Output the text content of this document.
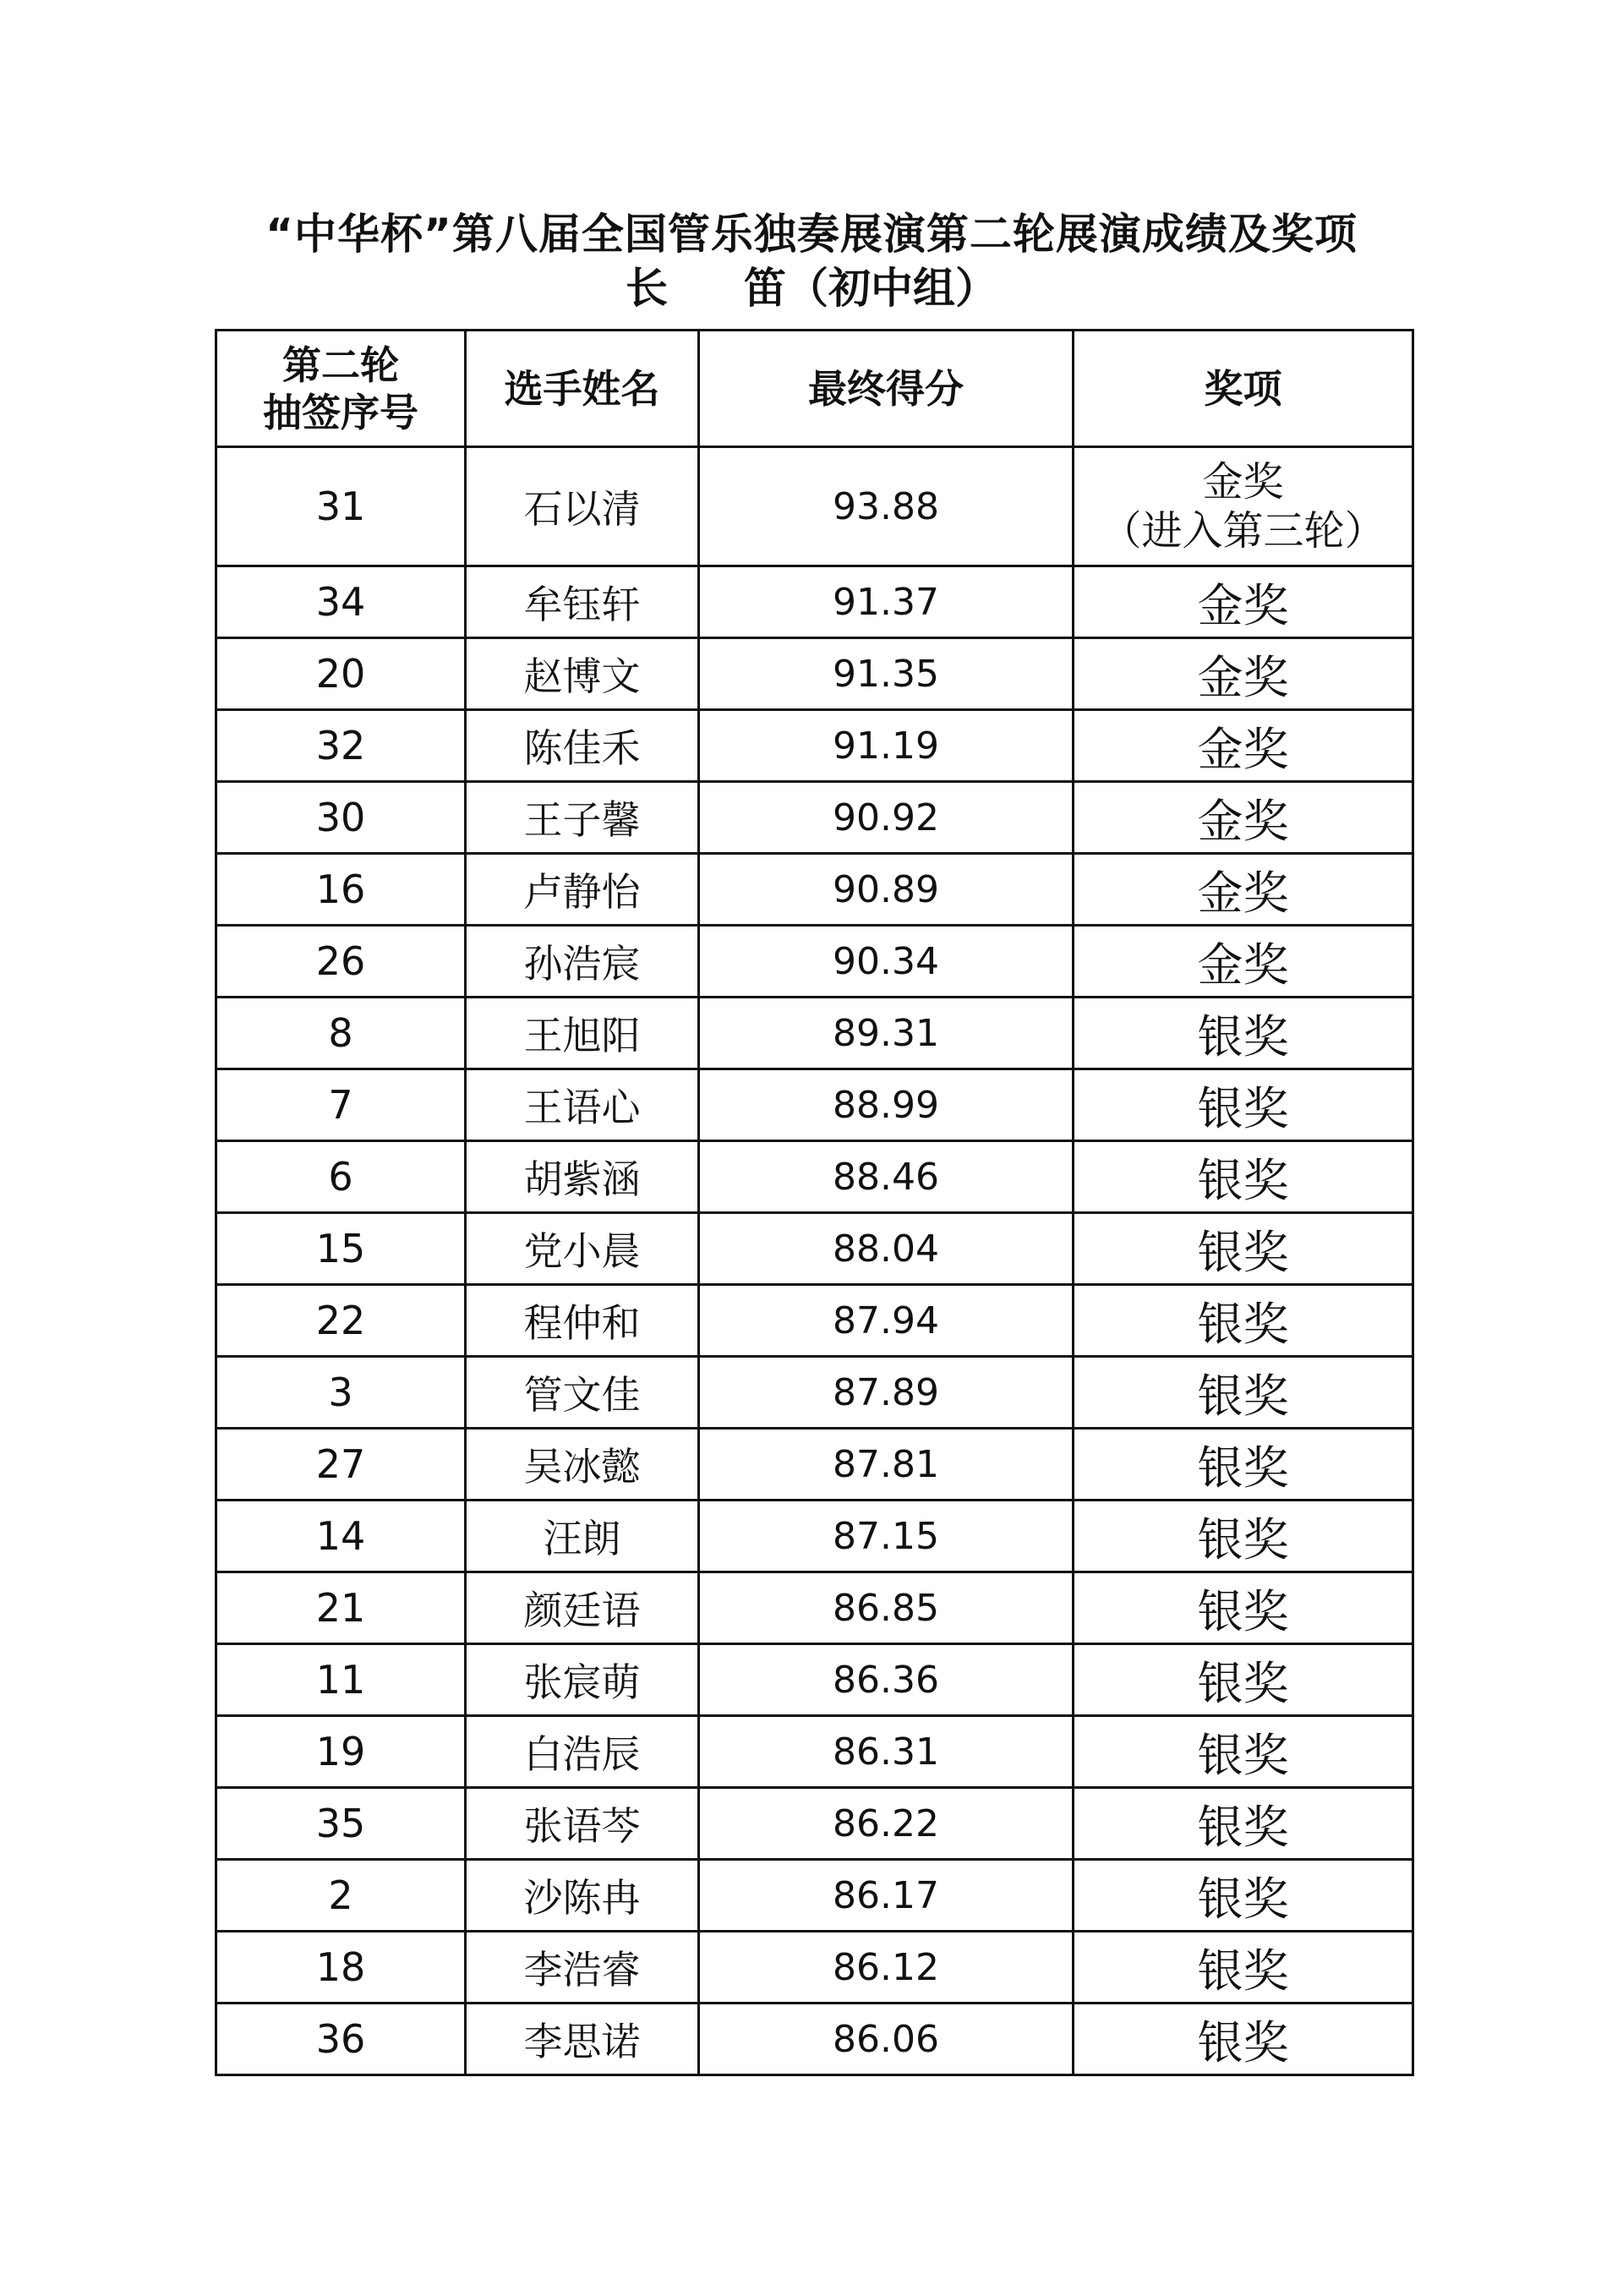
“中华杯”第八届全国管乐独奏展演第二轮展演成绩及奖项
长 笛（初中组）
第二轮
抽签序号	选手姓名	最终得分	奖项
31	石以清	93.88	金奖
（进入第三轮）

34	牟钰轩	91.37	金奖
20	赵博文	91.35	金奖
32	陈佳禾	91.19	金奖
30	王子馨	90.92	金奖
16	卢静怡	90.89	金奖
26	孙浩宸	90.34	金奖
8	王旭阳	89.31	银奖
7	王语心	88.99	银奖
6	胡紫涵	88.46	银奖
15	党小晨	88.04	银奖
22	程仲和	87.94	银奖
3	管文佳	87.89	银奖
27	吴冰懿	87.81	银奖
14	汪朗	87.15	银奖
21	颜廷语	86.85	银奖
11	张宸萌	86.36	银奖
19	白浩辰	86.31	银奖
35	张语芩	86.22	银奖
2	沙陈冉	86.17	银奖
18	李浩睿	86.12	银奖
36	李思诺	86.06	银奖
